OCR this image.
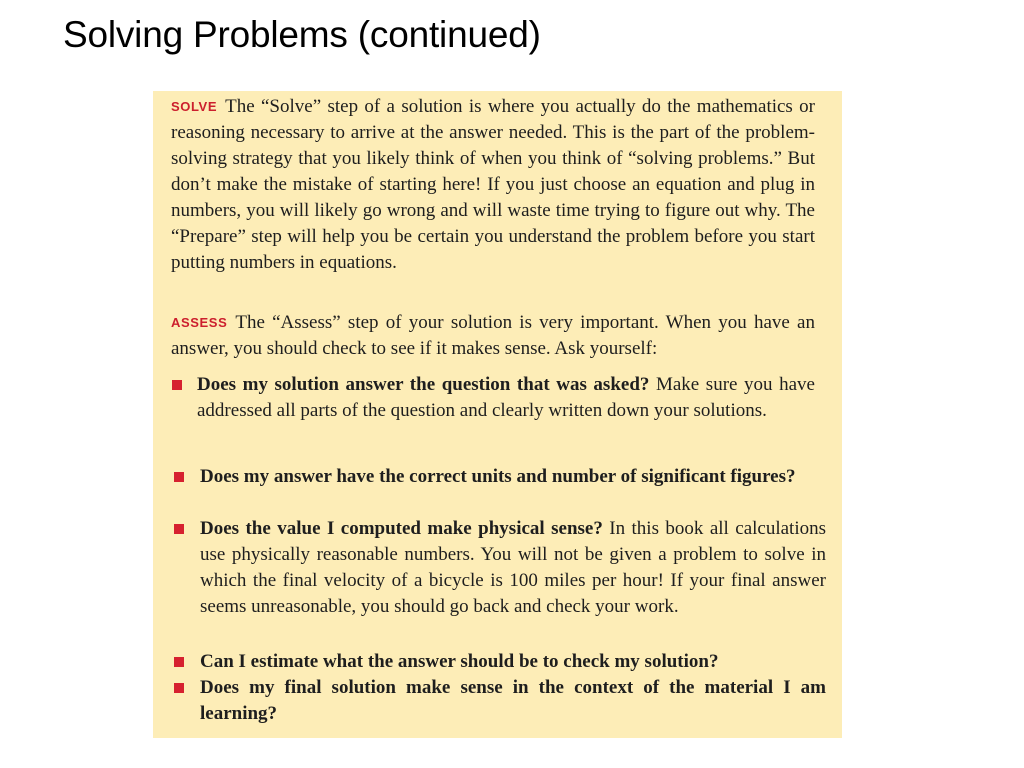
Solving Problems (continued)

SOLVE The “Solve” step of a solution is where you actually do the mathematics or reasoning necessary to arrive at the answer needed. This is the part of the problem-solving strategy that you likely think of when you think of “solving problems.” But don’t make the mistake of starting here! If you just choose an equation and plug in numbers, you will likely go wrong and will waste time trying to figure out why. The “Prepare” step will help you be certain you understand the problem before you start putting numbers in equations.

ASSESS The “Assess” step of your solution is very important. When you have an answer, you should check to see if it makes sense. Ask yourself:

Does my solution answer the question that was asked? Make sure you have addressed all parts of the question and clearly written down your solutions.

Does my answer have the correct units and number of significant figures?

Does the value I computed make physical sense? In this book all calculations use physically reasonable numbers. You will not be given a problem to solve in which the final velocity of a bicycle is 100 miles per hour! If your final answer seems unreasonable, you should go back and check your work.

Can I estimate what the answer should be to check my solution?

Does my final solution make sense in the context of the material I am learning?
